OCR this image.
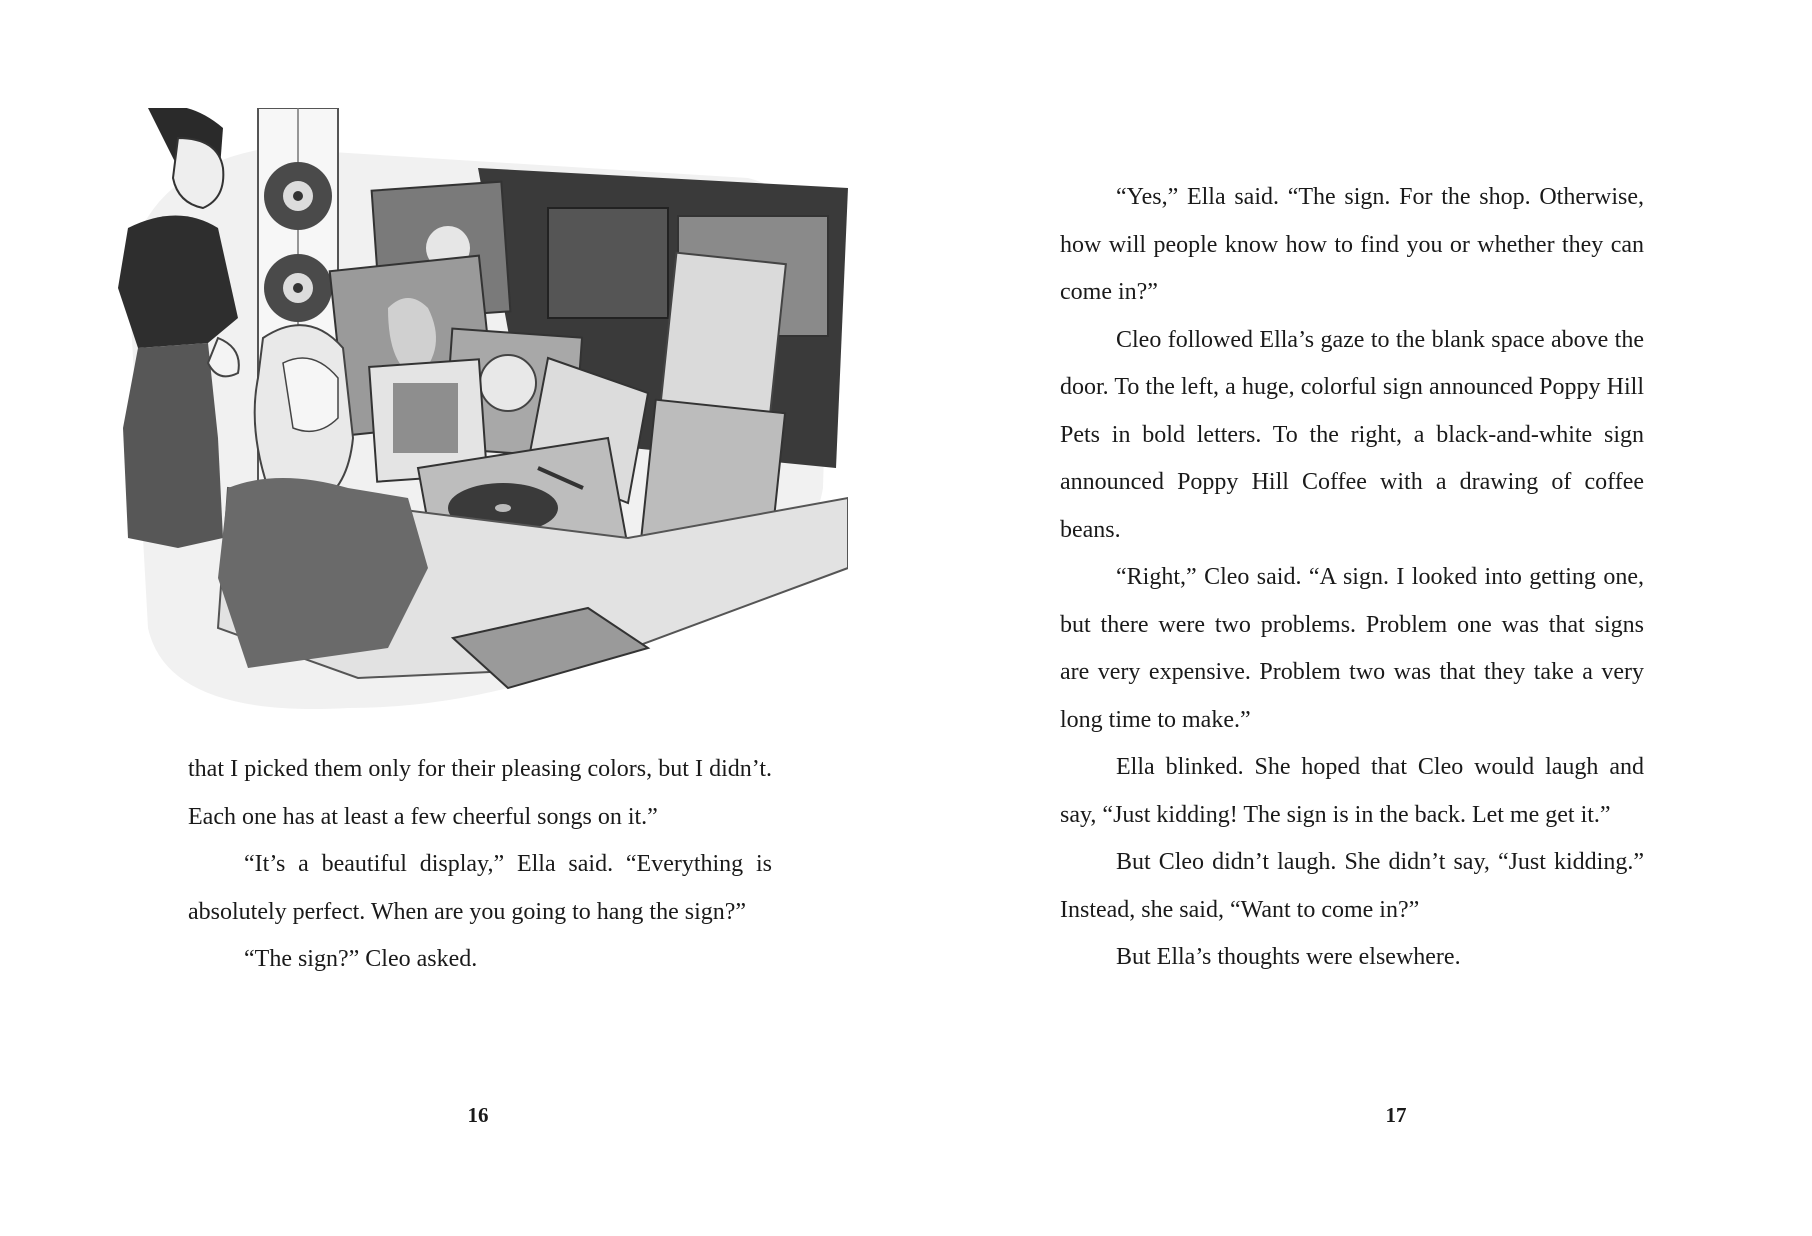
that I picked them only for their pleasing colors, but I didn’t. Each one has at least a few cheerful songs on it.”

“It’s a beautiful display,” Ella said. “Everything is absolutely perfect. When are you going to hang the sign?”

“The sign?” Cleo asked.

16

“Yes,” Ella said. “The sign. For the shop. Otherwise, how will people know how to find you or whether they can come in?”

Cleo followed Ella’s gaze to the blank space above the door. To the left, a huge, colorful sign announced Poppy Hill Pets in bold letters. To the right, a black-and-white sign announced Poppy Hill Coffee with a drawing of coffee beans.

“Right,” Cleo said. “A sign. I looked into getting one, but there were two problems. Problem one was that signs are very expensive. Problem two was that they take a very long time to make.”

Ella blinked. She hoped that Cleo would laugh and say, “Just kidding! The sign is in the back. Let me get it.”

But Cleo didn’t laugh. She didn’t say, “Just kidding.” Instead, she said, “Want to come in?”

But Ella’s thoughts were elsewhere.

17
